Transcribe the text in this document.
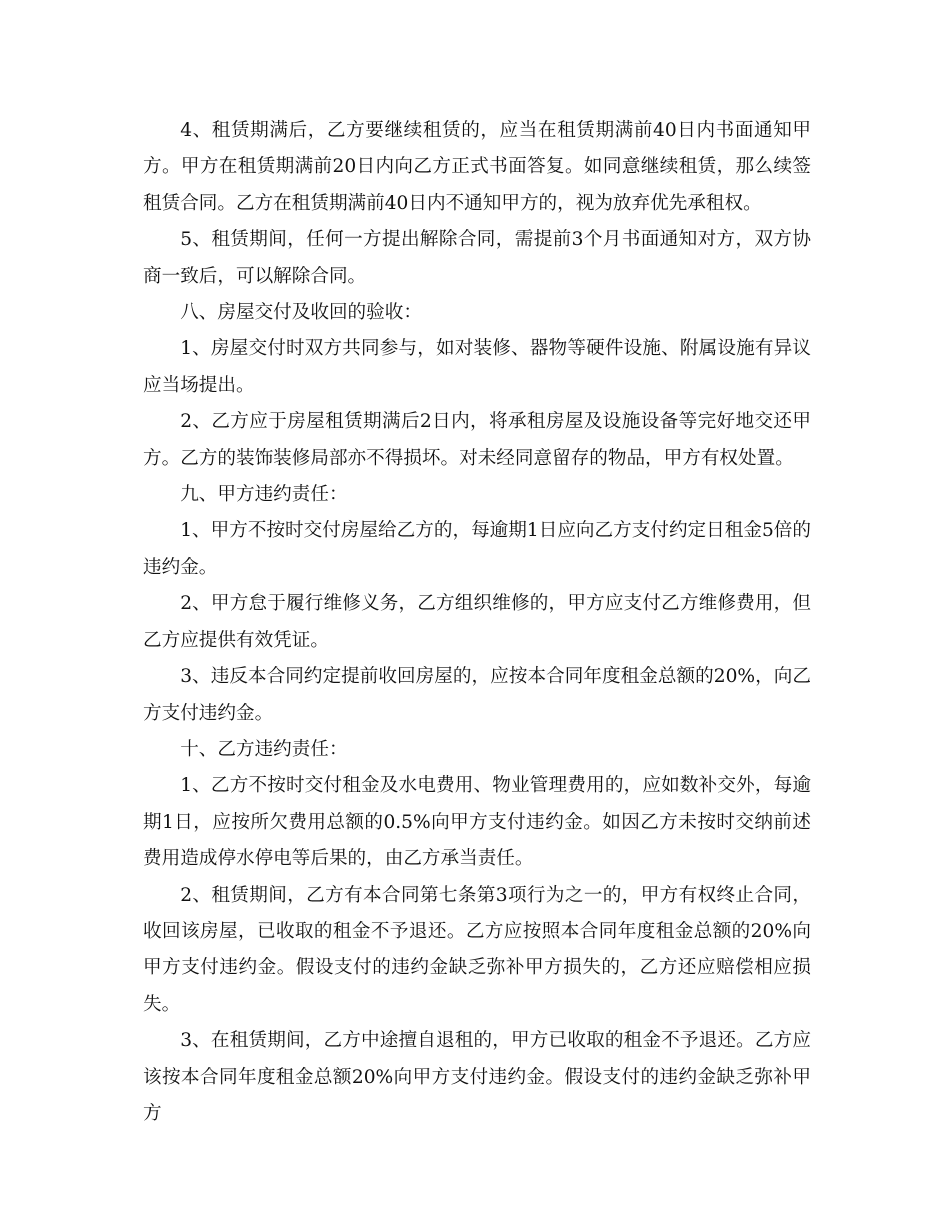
4、租赁期满后，乙方要继续租赁的，应当在租赁期满前40日内书面通知甲方。甲方在租赁期满前20日内向乙方正式书面答复。如同意继续租赁，那么续签租赁合同。乙方在租赁期满前40日内不通知甲方的，视为放弃优先承租权。

5、租赁期间，任何一方提出解除合同，需提前3个月书面通知对方，双方协商一致后，可以解除合同。

八、房屋交付及收回的验收：

1、房屋交付时双方共同参与，如对装修、器物等硬件设施、附属设施有异议应当场提出。

2、乙方应于房屋租赁期满后2日内，将承租房屋及设施设备等完好地交还甲方。乙方的装饰装修局部亦不得损坏。对未经同意留存的物品，甲方有权处置。

九、甲方违约责任：

1、甲方不按时交付房屋给乙方的，每逾期1日应向乙方支付约定日租金5倍的违约金。

2、甲方怠于履行维修义务，乙方组织维修的，甲方应支付乙方维修费用，但乙方应提供有效凭证。

3、违反本合同约定提前收回房屋的，应按本合同年度租金总额的20%，向乙方支付违约金。

十、乙方违约责任：

1、乙方不按时交付租金及水电费用、物业管理费用的，应如数补交外，每逾期1日，应按所欠费用总额的0.5%向甲方支付违约金。如因乙方未按时交纳前述费用造成停水停电等后果的，由乙方承当责任。

2、租赁期间，乙方有本合同第七条第3项行为之一的，甲方有权终止合同，收回该房屋，已收取的租金不予退还。乙方应按照本合同年度租金总额的20%向甲方支付违约金。假设支付的违约金缺乏弥补甲方损失的，乙方还应赔偿相应损失。

3、在租赁期间，乙方中途擅自退租的，甲方已收取的租金不予退还。乙方应该按本合同年度租金总额20%向甲方支付违约金。假设支付的违约金缺乏弥补甲方
